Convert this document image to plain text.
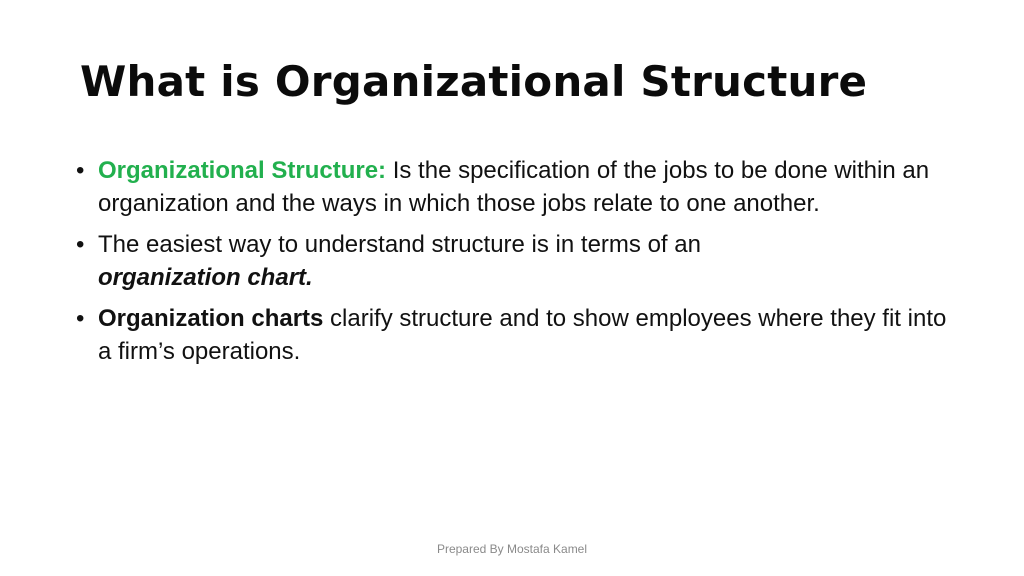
What is Organizational Structure
• Organizational Structure: Is the specification of the jobs to be done within an organization and the ways in which those jobs relate to one another.
• The easiest way to understand structure is in terms of an
organization chart.
• Organization charts clarify structure and to show employees where they fit into a firm’s operations.
Prepared By Mostafa Kamel
